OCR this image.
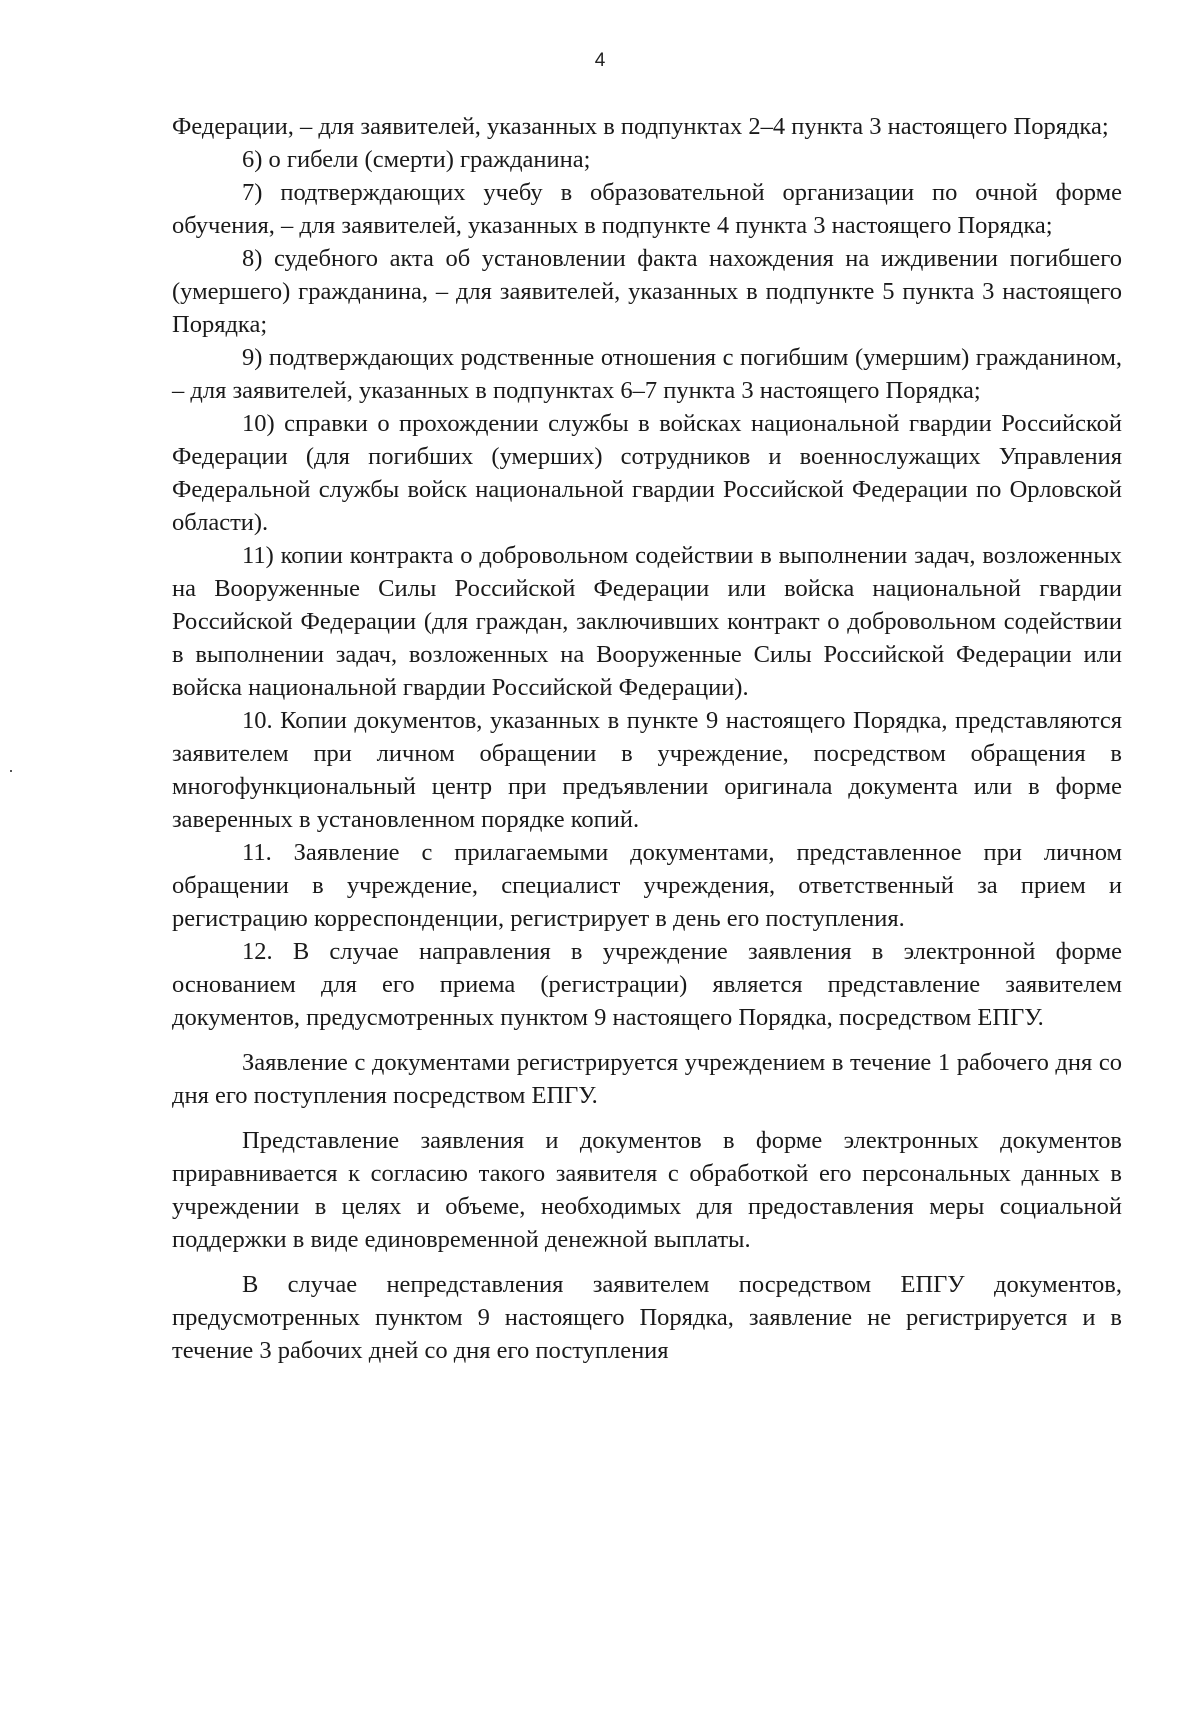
4

Федерации, – для заявителей, указанных в подпунктах 2–4 пункта 3 настоящего Порядка;

6) о гибели (смерти) гражданина;

7) подтверждающих учебу в образовательной организации по очной форме обучения, – для заявителей, указанных в подпункте 4 пункта 3 настоящего Порядка;

8) судебного акта об установлении факта нахождения на иждивении погибшего (умершего) гражданина, – для заявителей, указанных в подпункте 5 пункта 3 настоящего Порядка;

9) подтверждающих родственные отношения с погибшим (умершим) гражданином, – для заявителей, указанных в подпунктах 6–7 пункта 3 настоящего Порядка;

10) справки о прохождении службы в войсках национальной гвардии Российской Федерации (для погибших (умерших) сотрудников и военнослужащих Управления Федеральной службы войск национальной гвардии Российской Федерации по Орловской области).

11) копии контракта о добровольном содействии в выполнении задач, возложенных на Вооруженные Силы Российской Федерации или войска национальной гвардии Российской Федерации (для граждан, заключивших контракт о добровольном содействии в выполнении задач, возложенных на Вооруженные Силы Российской Федерации или войска национальной гвардии Российской Федерации).

10. Копии документов, указанных в пункте 9 настоящего Порядка, представляются заявителем при личном обращении в учреждение, посредством обращения в многофункциональный центр при предъявлении оригинала документа или в форме заверенных в установленном порядке копий.

11. Заявление с прилагаемыми документами, представленное при личном обращении в учреждение, специалист учреждения, ответственный за прием и регистрацию корреспонденции, регистрирует в день его поступления.

12. В случае направления в учреждение заявления в электронной форме основанием для его приема (регистрации) является представление заявителем документов, предусмотренных пунктом 9 настоящего Порядка, посредством ЕПГУ.

Заявление с документами регистрируется учреждением в течение 1 рабочего дня со дня его поступления посредством ЕПГУ.

Представление заявления и документов в форме электронных документов приравнивается к согласию такого заявителя с обработкой его персональных данных в учреждении в целях и объеме, необходимых для предоставления меры социальной поддержки в виде единовременной денежной выплаты.

В случае непредставления заявителем посредством ЕПГУ документов, предусмотренных пунктом 9 настоящего Порядка, заявление не регистрируется и в течение 3 рабочих дней со дня его поступления
